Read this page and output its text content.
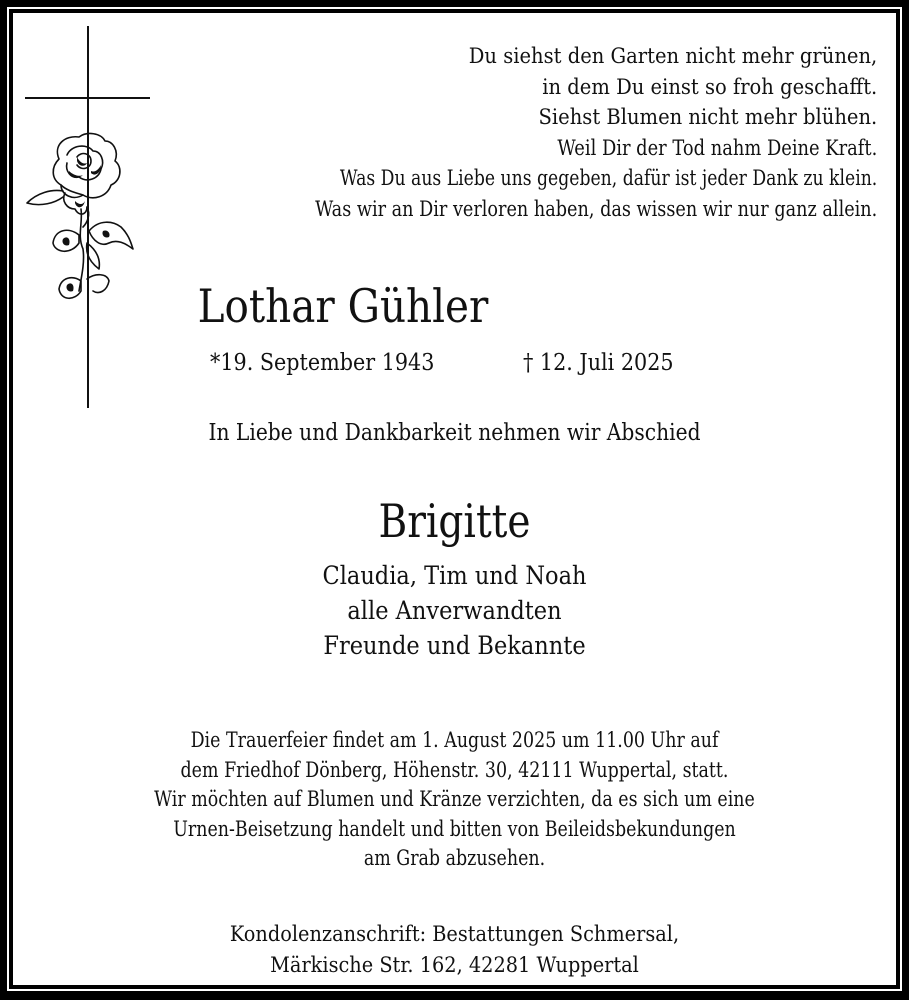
Du siehst den Garten nicht mehr grünen,
in dem Du einst so froh geschafft.
Siehst Blumen nicht mehr blühen.
Weil Dir der Tod nahm Deine Kraft.
Was Du aus Liebe uns gegeben, dafür ist jeder Dank zu klein.
Was wir an Dir verloren haben, das wissen wir nur ganz allein.
Lothar Gühler
*19. September 1943	† 12. Juli 2025
In Liebe und Dankbarkeit nehmen wir Abschied
Brigitte
Claudia, Tim und Noah
alle Anverwandten
Freunde und Bekannte
Die Trauerfeier findet am 1. August 2025 um 11.00 Uhr auf
dem Friedhof Dönberg, Höhenstr. 30, 42111 Wuppertal, statt.
Wir möchten auf Blumen und Kränze verzichten, da es sich um eine
Urnen-Beisetzung handelt und bitten von Beileidsbekundungen
am Grab abzusehen.
Kondolenzanschrift: Bestattungen Schmersal,
Märkische Str. 162, 42281 Wuppertal
